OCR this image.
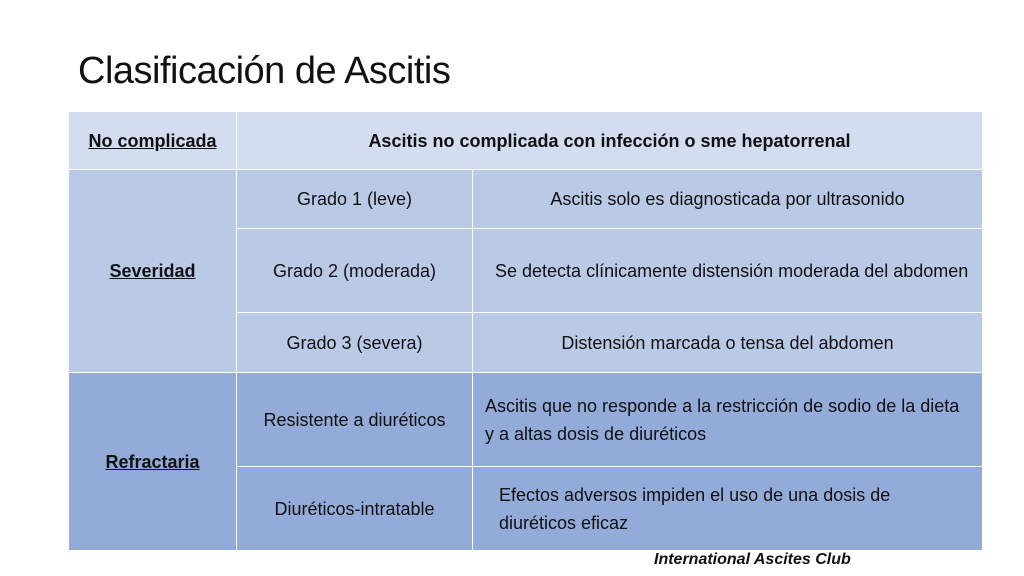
Clasificación de Ascitis
No complicada	Ascitis no complicada con infección o sme hepatorrenal	
Severidad	Grado 1 (leve)	Ascitis solo es diagnosticada por ultrasonido
	Grado 2 (moderada)	Se detecta clínicamente distensión moderada del abdomen
	Grado 3 (severa)	Distensión marcada o tensa del abdomen
Refractaria	Resistente a diuréticos	Ascitis que no responde a la restricción de sodio de la dieta y a altas dosis de diuréticos
	Diuréticos-intratable	Efectos adversos impiden el uso de una dosis de diuréticos eficaz
International Ascites Club
